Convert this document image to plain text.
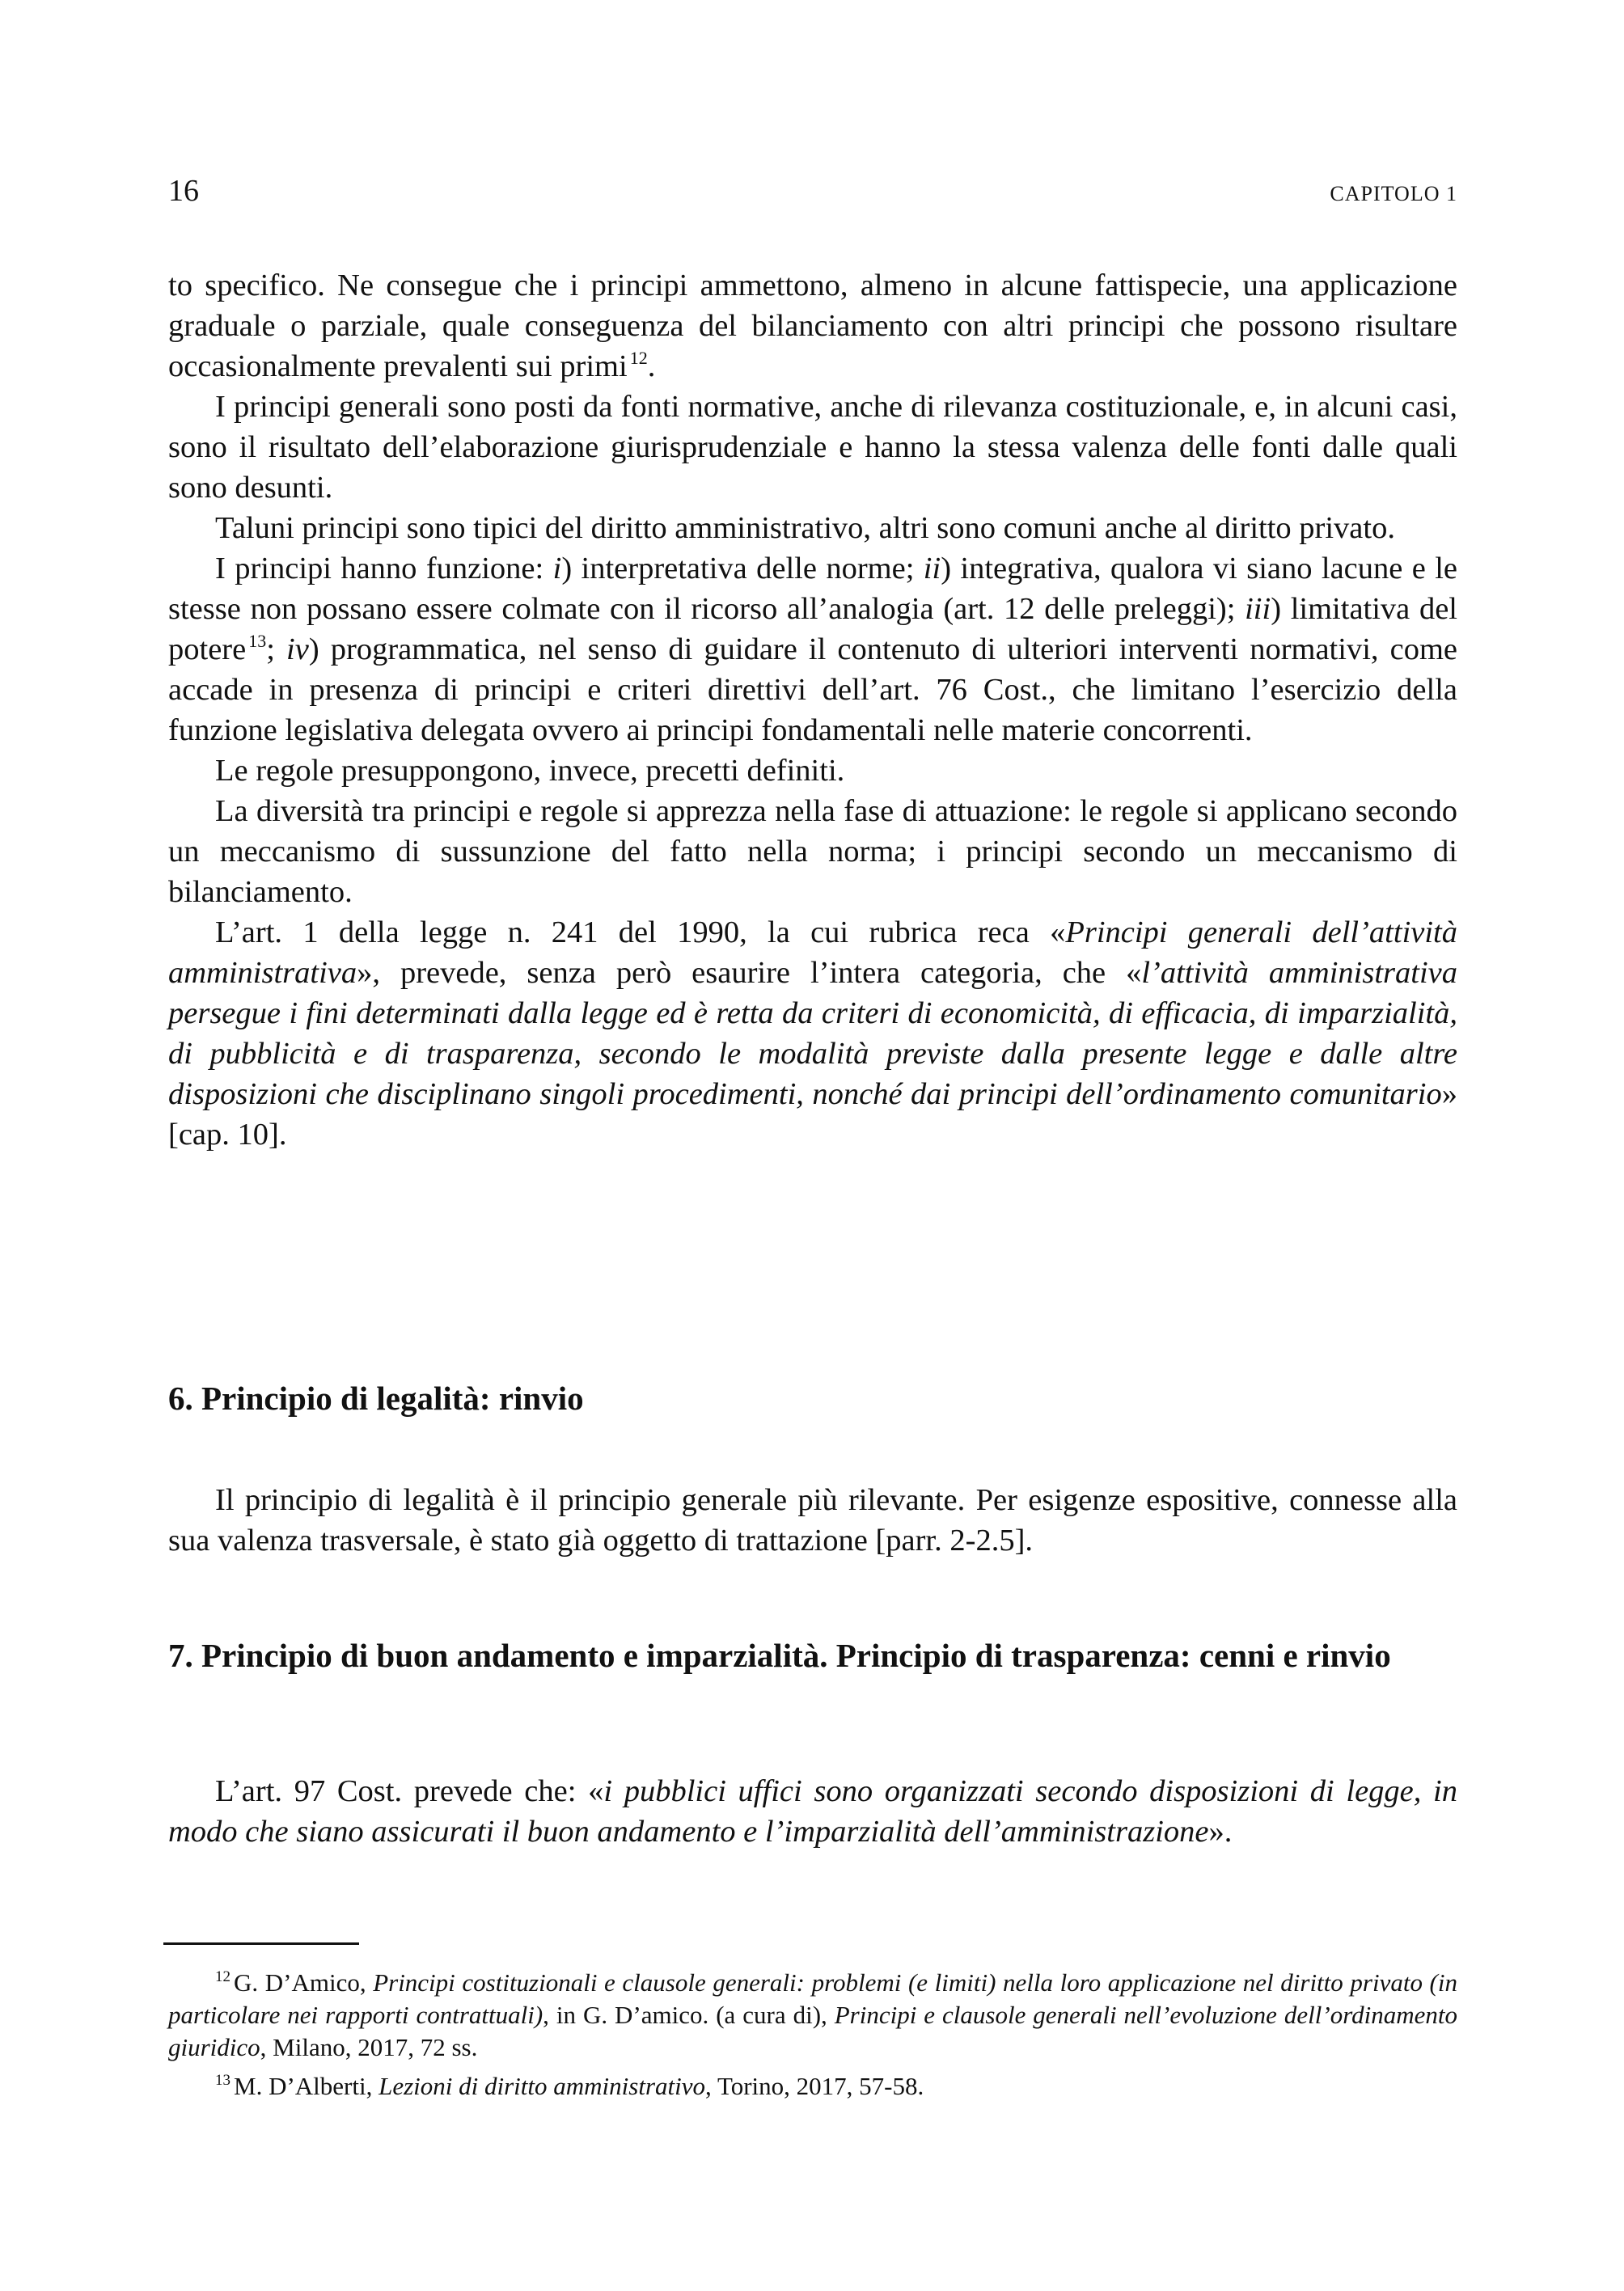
16	CAPITOLO 1

to specifico. Ne consegue che i principi ammettono, almeno in alcune fattispecie, una applicazione graduale o parziale, quale conseguenza del bilanciamento con altri principi che possono risultare occasionalmente prevalenti sui primi $^{12}$.

I principi generali sono posti da fonti normative, anche di rilevanza costituzionale, e, in alcuni casi, sono il risultato dell’elaborazione giurisprudenziale e hanno la stessa valenza delle fonti dalle quali sono desunti.

Taluni principi sono tipici del diritto amministrativo, altri sono comuni anche al diritto privato.

I principi hanno funzione: i) interpretativa delle norme; ii) integrativa, qualora vi siano lacune e le stesse non possano essere colmate con il ricorso all’analogia (art. 12 delle preleggi); iii) limitativa del potere $^{13}$; iv) programmatica, nel senso di guidare il contenuto di ulteriori interventi normativi, come accade in presenza di principi e criteri direttivi dell’art. 76 Cost., che limitano l’esercizio della funzione legislativa delegata ovvero ai principi fondamentali nelle materie concorrenti.

Le regole presuppongono, invece, precetti definiti.

La diversità tra principi e regole si apprezza nella fase di attuazione: le regole si applicano secondo un meccanismo di sussunzione del fatto nella norma; i principi secondo un meccanismo di bilanciamento.

L’art. 1 della legge n. 241 del 1990, la cui rubrica reca «Principi generali dell’attività amministrativa», prevede, senza però esaurire l’intera categoria, che «l’attività amministrativa persegue i fini determinati dalla legge ed è retta da criteri di economicità, di efficacia, di imparzialità, di pubblicità e di trasparenza, secondo le modalità previste dalla presente legge e dalle altre disposizioni che disciplinano singoli procedimenti, nonché dai principi dell’ordinamento comunitario» [cap. 10].

6. Principio di legalità: rinvio

Il principio di legalità è il principio generale più rilevante. Per esigenze espositive, connesse alla sua valenza trasversale, è stato già oggetto di trattazione [parr. 2-2.5].

7. Principio di buon andamento e imparzialità. Principio di trasparenza: cenni e rinvio

L’art. 97 Cost. prevede che: «i pubblici uffici sono organizzati secondo disposizioni di legge, in modo che siano assicurati il buon andamento e l’imparzialità dell’amministrazione».

$^{12}$ G. D’Amico, Principi costituzionali e clausole generali: problemi (e limiti) nella loro applicazione nel diritto privato (in particolare nei rapporti contrattuali), in G. D’amico. (a cura di), Principi e clausole generali nell’evoluzione dell’ordinamento giuridico, Milano, 2017, 72 ss.

$^{13}$ M. D’Alberti, Lezioni di diritto amministrativo, Torino, 2017, 57-58.
